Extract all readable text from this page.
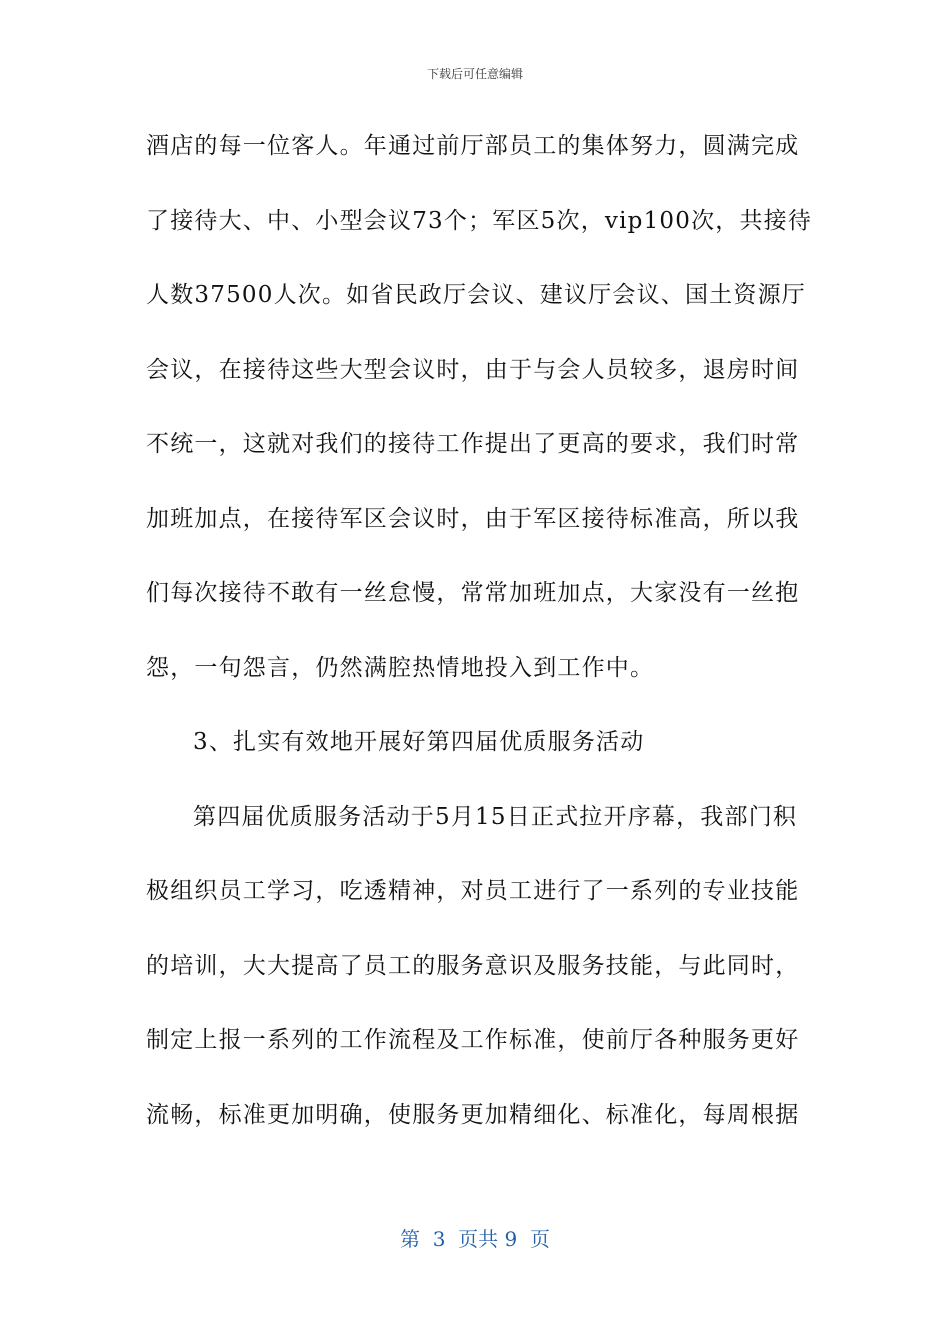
下载后可任意编辑
酒店的每一位客人。年通过前厅部员工的集体努力，圆满完成
了接待大、中、小型会议73个；军区5次，vip100次，共接待
人数37500人次。如省民政厅会议、建议厅会议、国土资源厅
会议，在接待这些大型会议时，由于与会人员较多，退房时间
不统一，这就对我们的接待工作提出了更高的要求，我们时常
加班加点，在接待军区会议时，由于军区接待标准高，所以我
们每次接待不敢有一丝怠慢，常常加班加点，大家没有一丝抱
怨，一句怨言，仍然满腔热情地投入到工作中。
3、扎实有效地开展好第四届优质服务活动
第四届优质服务活动于5月15日正式拉开序幕，我部门积
极组织员工学习，吃透精神，对员工进行了一系列的专业技能
的培训，大大提高了员工的服务意识及服务技能，与此同时，
制定上报一系列的工作流程及工作标准，使前厅各种服务更好
流畅，标准更加明确，使服务更加精细化、标准化，每周根据
第  3  页共 9  页
